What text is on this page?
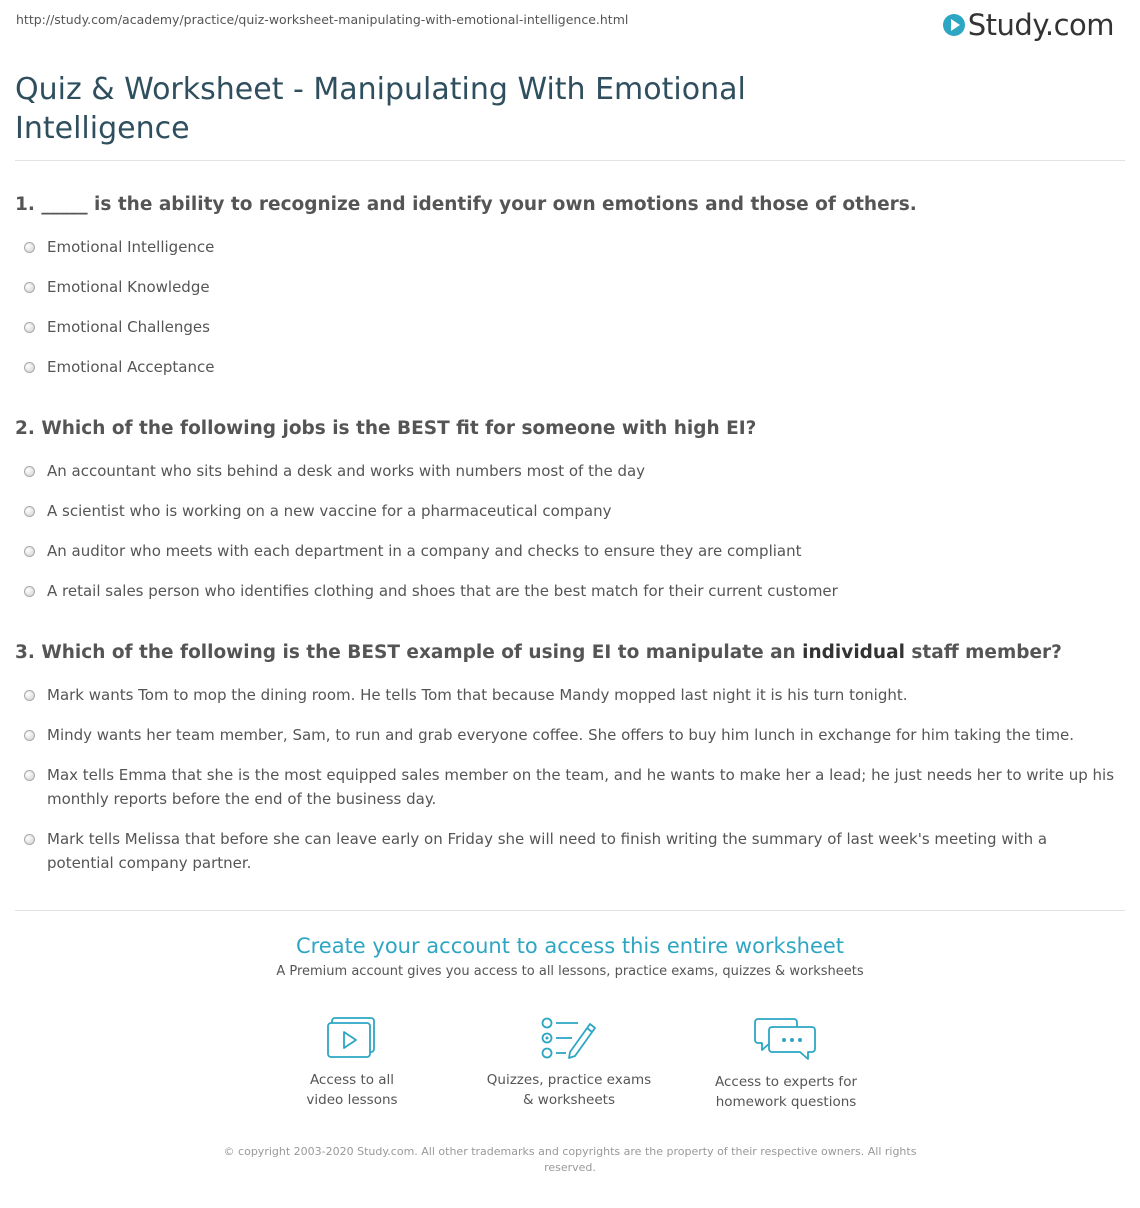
http://study.com/academy/practice/quiz-worksheet-manipulating-with-emotional-intelligence.html	Study.com
Quiz & Worksheet - Manipulating With Emotional Intelligence
1. _____ is the ability to recognize and identify your own emotions and those of others.
Emotional Intelligence
Emotional Knowledge
Emotional Challenges
Emotional Acceptance
2. Which of the following jobs is the BEST fit for someone with high EI?
An accountant who sits behind a desk and works with numbers most of the day
A scientist who is working on a new vaccine for a pharmaceutical company
An auditor who meets with each department in a company and checks to ensure they are compliant
A retail sales person who identifies clothing and shoes that are the best match for their current customer
3. Which of the following is the BEST example of using EI to manipulate an individual staff member?
Mark wants Tom to mop the dining room. He tells Tom that because Mandy mopped last night it is his turn tonight.
Mindy wants her team member, Sam, to run and grab everyone coffee. She offers to buy him lunch in exchange for him taking the time.
Max tells Emma that she is the most equipped sales member on the team, and he wants to make her a lead; he just needs her to write up his monthly reports before the end of the business day.
Mark tells Melissa that before she can leave early on Friday she will need to finish writing the summary of last week's meeting with a potential company partner.
Create your account to access this entire worksheet
A Premium account gives you access to all lessons, practice exams, quizzes & worksheets
Access to all
video lessons
Quizzes, practice exams
& worksheets
Access to experts for
homework questions
© copyright 2003-2020 Study.com. All other trademarks and copyrights are the property of their respective owners. All rights reserved.
